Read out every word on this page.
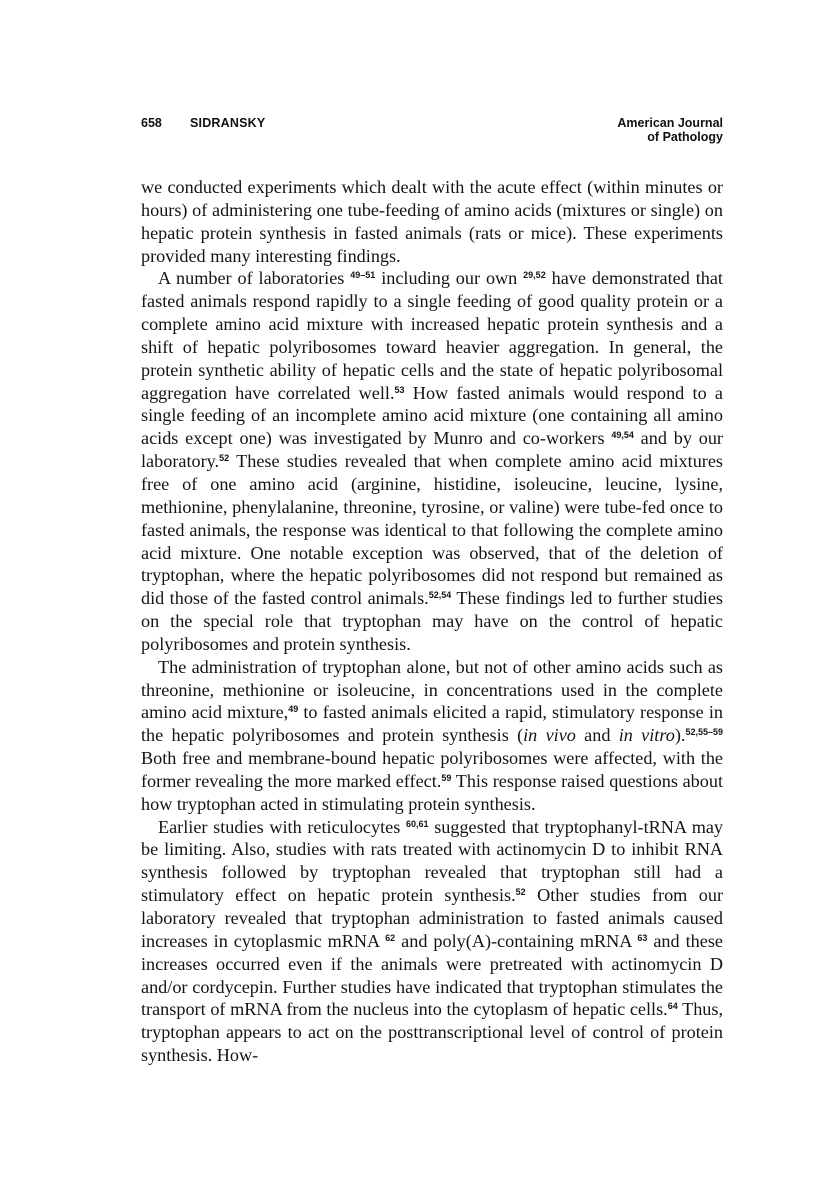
658 SIDRANSKY	American Journal
of Pathology

we conducted experiments which dealt with the acute effect (within minutes or hours) of administering one tube-feeding of amino acids (mixtures or single) on hepatic protein synthesis in fasted animals (rats or mice). These experiments provided many interesting findings.

A number of laboratories $^{49-51}$ including our own $^{29,52}$ have demonstrated that fasted animals respond rapidly to a single feeding of good quality protein or a complete amino acid mixture with increased hepatic protein synthesis and a shift of hepatic polyribosomes toward heavier aggregation. In general, the protein synthetic ability of hepatic cells and the state of hepatic polyribosomal aggregation have correlated well.$^{53}$ How fasted animals would respond to a single feeding of an incomplete amino acid mixture (one containing all amino acids except one) was investigated by Munro and co-workers $^{49,54}$ and by our laboratory.$^{52}$ These studies revealed that when complete amino acid mixtures free of one amino acid (arginine, histidine, isoleucine, leucine, lysine, methionine, phenylalanine, threonine, tyrosine, or valine) were tube-fed once to fasted animals, the response was identical to that following the complete amino acid mixture. One notable exception was observed, that of the deletion of tryptophan, where the hepatic polyribosomes did not respond but remained as did those of the fasted control animals.$^{52,54}$ These findings led to further studies on the special role that tryptophan may have on the control of hepatic polyribosomes and protein synthesis.

The administration of tryptophan alone, but not of other amino acids such as threonine, methionine or isoleucine, in concentrations used in the complete amino acid mixture,$^{49}$ to fasted animals elicited a rapid, stimulatory response in the hepatic polyribosomes and protein synthesis (in vivo and in vitro).$^{52,55-59}$ Both free and membrane-bound hepatic polyribosomes were affected, with the former revealing the more marked effect.$^{59}$ This response raised questions about how tryptophan acted in stimulating protein synthesis.

Earlier studies with reticulocytes $^{60,61}$ suggested that tryptophanyl-tRNA may be limiting. Also, studies with rats treated with actinomycin D to inhibit RNA synthesis followed by tryptophan revealed that tryptophan still had a stimulatory effect on hepatic protein synthesis.$^{52}$ Other studies from our laboratory revealed that tryptophan administration to fasted animals caused increases in cytoplasmic mRNA $^{62}$ and poly(A)-containing mRNA $^{63}$ and these increases occurred even if the animals were pretreated with actinomycin D and/or cordycepin. Further studies have indicated that tryptophan stimulates the transport of mRNA from the nucleus into the cytoplasm of hepatic cells.$^{64}$ Thus, tryptophan appears to act on the posttranscriptional level of control of protein synthesis. How-
